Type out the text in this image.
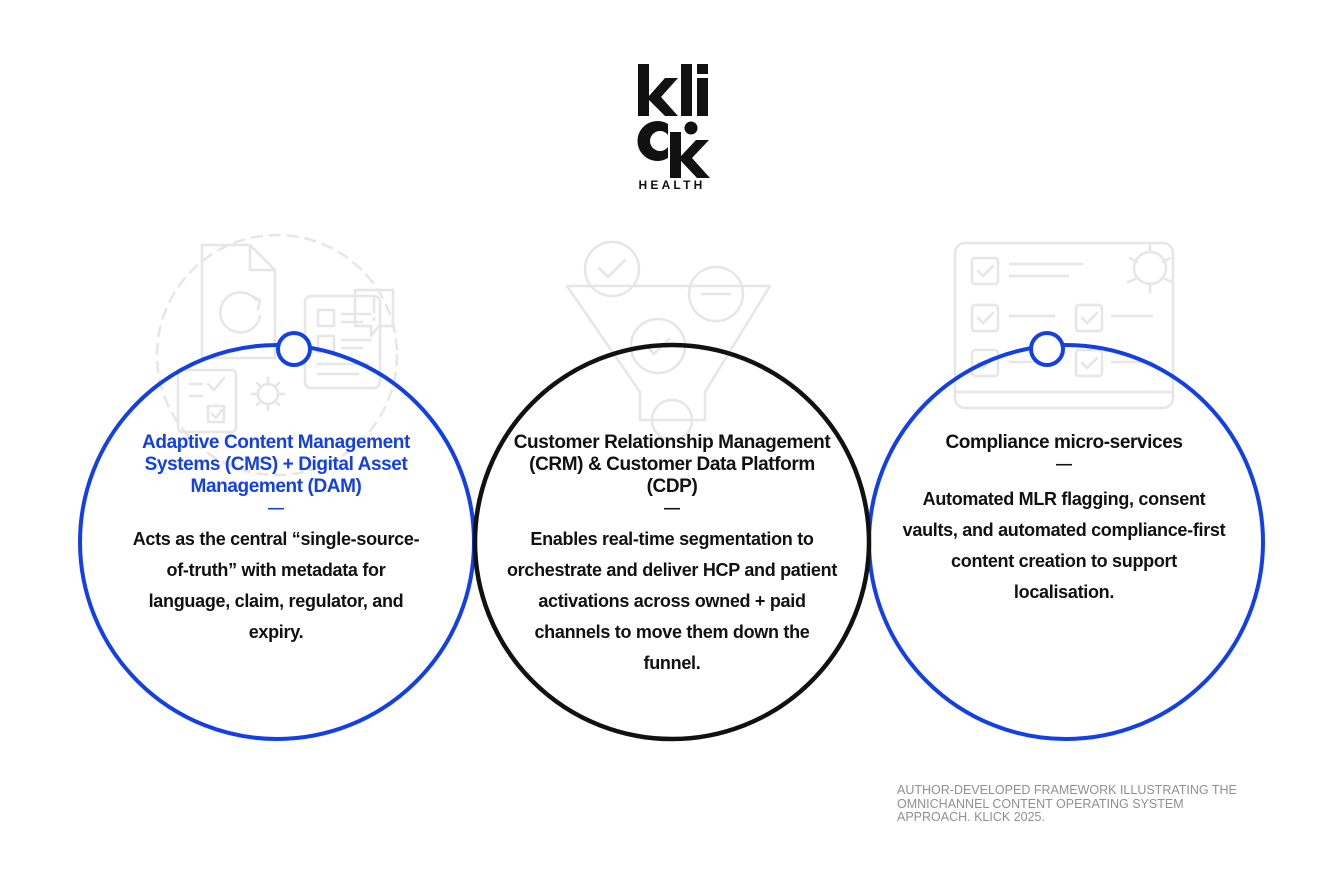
HEALTH
Adaptive Content Management Systems (CMS) + Digital Asset Management (DAM)
—
Acts as the central “single-source-of-truth” with metadata for language, claim, regulator, and expiry.
Customer Relationship Management (CRM) & Customer Data Platform (CDP)
—
Enables real-time segmentation to orchestrate and deliver HCP and patient activations across owned + paid channels to move them down the funnel.
Compliance micro-services
—
Automated MLR flagging, consent vaults, and automated compliance-first content creation to support localisation.
AUTHOR-DEVELOPED FRAMEWORK ILLUSTRATING THE OMNICHANNEL CONTENT OPERATING SYSTEM APPROACH. KLICK 2025.
